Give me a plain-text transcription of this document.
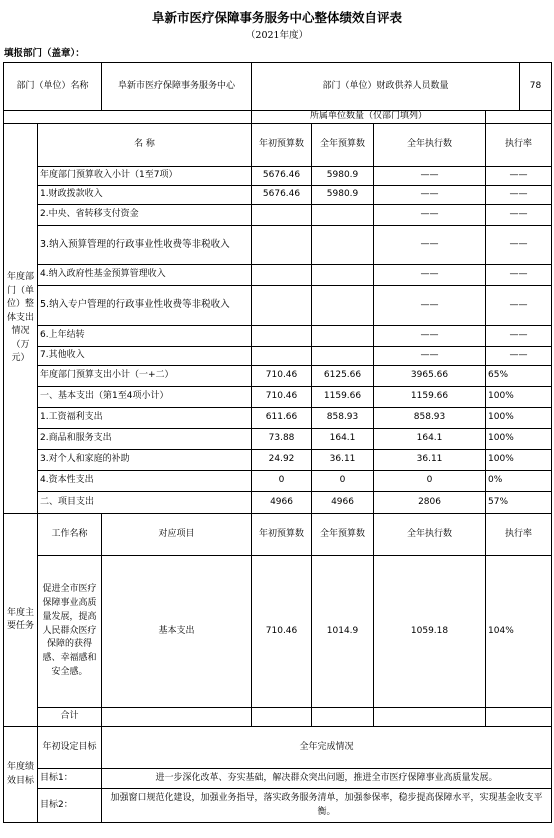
阜新市医疗保障事务服务中心整体绩效自评表
（2021年度）
填报部门（盖章）：
部门（单位）名称		阜新市医疗保障事务服务中心	部门（单位）财政供养人员数量				78
			所属单位数量（仅部门填列）				
年度部门（单位）整体支出情况（万元）	名 称		年初预算数	全年预算数	全年执行数	执行率	
	年度部门预算收入小计（1至7项）		5676.46	5980.9	——	——	
	1.财政拨款收入		5676.46	5980.9	——	——	
	2.中央、省转移支付资金				——	——	
	3.纳入预算管理的行政事业性收费等非税收入				——	——	
	4.纳入政府性基金预算管理收入				——	——	
	5.纳入专户管理的行政事业性收费等非税收入				——	——	
	6.上年结转				——	——	
	7.其他收入				——	——	
	年度部门预算支出小计（一+二）		710.46	6125.66	3965.66	65%	
	一、基本支出（第1至4项小计）		710.46	1159.66	1159.66	100%	
	1.工资福利支出		611.66	858.93	858.93	100%	
	2.商品和服务支出		73.88	164.1	164.1	100%	
	3.对个人和家庭的补助		24.92	36.11	36.11	100%	
	4.资本性支出		0	0	0	0%	
	二、项目支出		4966	4966	2806	57%	
年度主要任务	工作名称	对应项目	年初预算数	全年预算数	全年执行数	执行率	
	促进全市医疗保障事业高质量发展，提高人民群众医疗保障的获得感、幸福感和安全感。	基本支出	710.46	1014.9	1059.18	104%	
	合计						
年度绩效目标	年初设定目标	全年完成情况					
	目标1：	进一步深化改革、夯实基础，解决群众突出问题，推进全市医疗保障事业高质量发展。					
	目标2：	加强窗口规范化建设，加强业务指导，落实政务服务清单，加强参保率，稳步提高保障水平，实现基金收支平衡。					
